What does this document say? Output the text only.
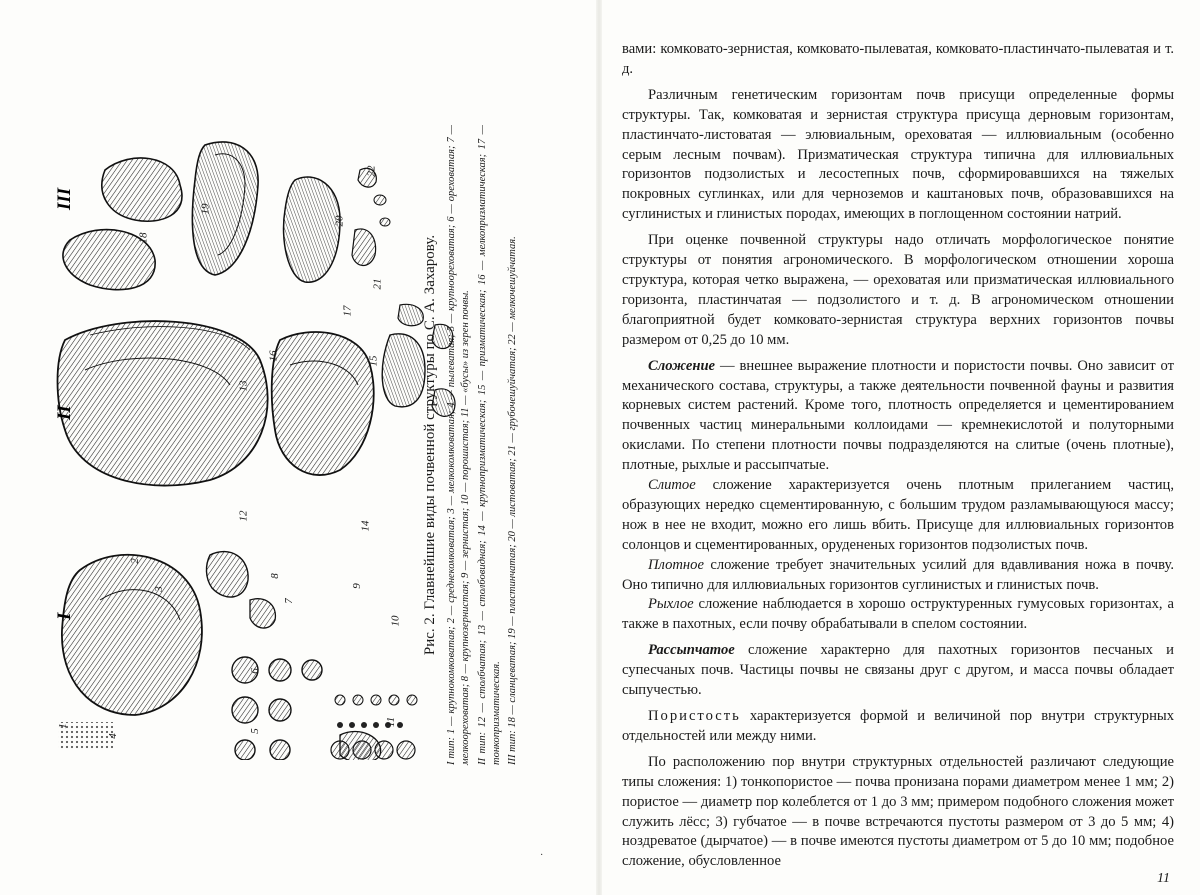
III
II
I
1
2
3
4
5
6
7
8
9
10
11
12
13
14
15
16
17
18
19
20
21
22

Рис. 2. Главнейшие виды почвенной структуры по С. А. Захарову. I тип: 1 — крупнокомковатая; 2 — среднекомковатая; 3 — мелкокомковатая; 4 — пылеватая; 5 — крупноореховатая; 6 — ореховатая; 7 — мелкоореховатая; 8 — крупнозернистая; 9 — зернистая; 10 — порошистая; 11 — «бусы» из зерен почвы. II тип: 12 — столбчатая; 13 — столбовидная; 14 — крупнопризматическая; 15 — призматическая; 16 — мелкопризматическая; 17 — тонкопризматическая. III тип: 18 — сланцеватая; 19 — пластинчатая; 20 — листоватая; 21 — грубочешуйчатая; 22 — мелкочешуйчатая.

·

вами: комковато-зернистая, комковато-пылеватая, комковато-пластинчато-пылеватая и т. д.

Различным генетическим горизонтам почв присущи определенные формы структуры. Так, комковатая и зернистая структура присуща дерновым горизонтам, пластинчато-листоватая — элювиальным, ореховатая — иллювиальным (особенно серым лесным почвам). Призматическая структура типична для иллювиальных горизонтов подзолистых и лесостепных почв, сформировавшихся на тяжелых покровных суглинках, или для черноземов и каштановых почв, образовавшихся на суглинистых и глинистых породах, имеющих в поглощенном состоянии натрий.

При оценке почвенной структуры надо отличать морфологическое понятие структуры от понятия агрономического. В морфологическом отношении хороша структура, которая четко выражена, — ореховатая или призматическая иллювиального горизонта, пластинчатая — подзолистого и т. д. В агрономическом отношении благоприятной будет комковато-зернистая структура верхних горизонтов почвы размером от 0,25 до 10 мм.

Сложение — внешнее выражение плотности и пористости почвы. Оно зависит от механического состава, структуры, а также деятельности почвенной фауны и развития корневых систем растений. Кроме того, плотность определяется и цементированием почвенных частиц минеральными коллоидами — кремнекислотой и полуторными окислами. По степени плотности почвы подразделяются на слитые (очень плотные), плотные, рыхлые и рассыпчатые.

Слитое сложение характеризуется очень плотным прилеганием частиц, образующих нередко сцементированную, с большим трудом разламывающуюся массу; нож в нее не входит, можно его лишь вбить. Присуще для иллювиальных горизонтов солонцов и сцементированных, орудененых горизонтов подзолистых почв.

Плотное сложение требует значительных усилий для вдавливания ножа в почву. Оно типично для иллювиальных горизонтов суглинистых и глинистых почв.

Рыхлое сложение наблюдается в хорошо оструктуренных гумусовых горизонтах, а также в пахотных, если почву обрабатывали в спелом состоянии.

Рассыпчатое сложение характерно для пахотных горизонтов песчаных и супесчаных почв. Частицы почвы не связаны друг с другом, и масса почвы обладает сыпучестью.

Пористость характеризуется формой и величиной пор внутри структурных отдельностей или между ними.

По расположению пор внутри структурных отдельностей различают следующие типы сложения: 1) тонкопористое — почва пронизана порами диаметром менее 1 мм; 2) пористое — диаметр пор колеблется от 1 до 3 мм; примером подобного сложения может служить лёсс; 3) губчатое — в почве встречаются пустоты размером от 3 до 5 мм; 4) ноздреватое (дырчатое) — в почве имеются пустоты диаметром от 5 до 10 мм; подобное сложение, обусловленное

11
